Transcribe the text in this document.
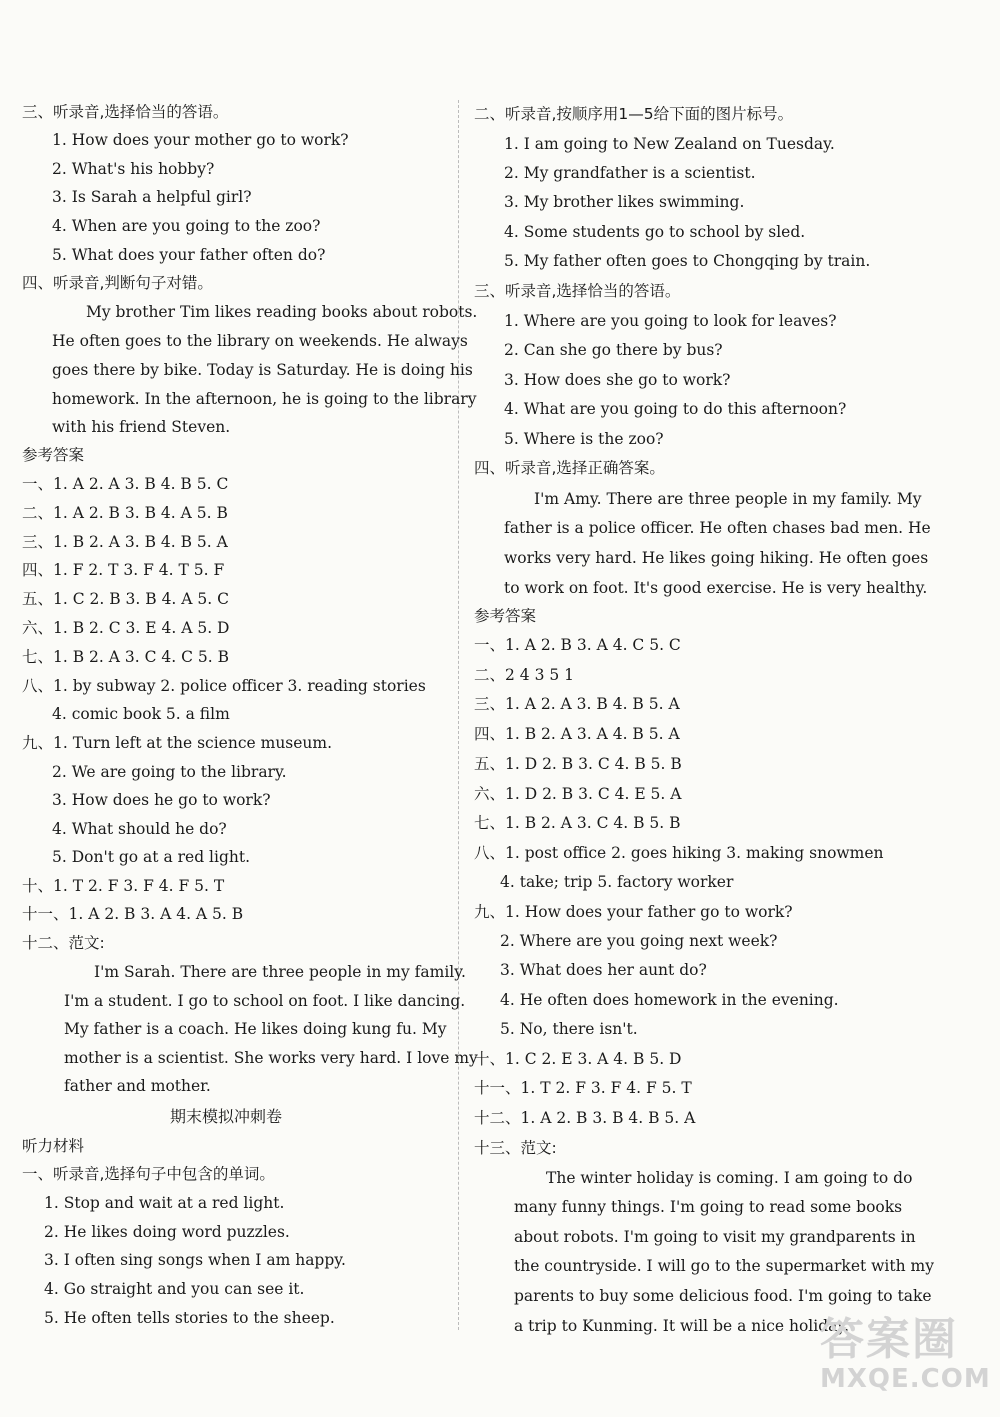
三、听录音,选择恰当的答语。
1. How does your mother go to work?
2. What's his hobby?
3. Is Sarah a helpful girl?
4. When are you going to the zoo?
5. What does your father often do?
四、听录音,判断句子对错。
My brother Tim likes reading books about robots.
He often goes to the library on weekends. He always
goes there by bike. Today is Saturday. He is doing his
homework. In the afternoon, he is going to the library
with his friend Steven.
参考答案
一、1. A 2. A 3. B 4. B 5. C
二、1. A 2. B 3. B 4. A 5. B
三、1. B 2. A 3. B 4. B 5. A
四、1. F 2. T 3. F 4. T 5. F
五、1. C 2. B 3. B 4. A 5. C
六、1. B 2. C 3. E 4. A 5. D
七、1. B 2. A 3. C 4. C 5. B
八、1. by subway 2. police officer 3. reading stories
4. comic book 5. a film
九、1. Turn left at the science museum.
2. We are going to the library.
3. How does he go to work?
4. What should he do?
5. Don't go at a red light.
十、1. T 2. F 3. F 4. F 5. T
十一、1. A 2. B 3. A 4. A 5. B
十二、范文:
I'm Sarah. There are three people in my family.
I'm a student. I go to school on foot. I like dancing.
My father is a coach. He likes doing kung fu. My
mother is a scientist. She works very hard. I love my
father and mother.
期末模拟冲刺卷
听力材料
一、听录音,选择句子中包含的单词。
1. Stop and wait at a red light.
2. He likes doing word puzzles.
3. I often sing songs when I am happy.
4. Go straight and you can see it.
5. He often tells stories to the sheep.
二、听录音,按顺序用1—5给下面的图片标号。
1. I am going to New Zealand on Tuesday.
2. My grandfather is a scientist.
3. My brother likes swimming.
4. Some students go to school by sled.
5. My father often goes to Chongqing by train.
三、听录音,选择恰当的答语。
1. Where are you going to look for leaves?
2. Can she go there by bus?
3. How does she go to work?
4. What are you going to do this afternoon?
5. Where is the zoo?
四、听录音,选择正确答案。
I'm Amy. There are three people in my family. My
father is a police officer. He often chases bad men. He
works very hard. He likes going hiking. He often goes
to work on foot. It's good exercise. He is very healthy.
参考答案
一、1. A 2. B 3. A 4. C 5. C
二、2 4 3 5 1
三、1. A 2. A 3. B 4. B 5. A
四、1. B 2. A 3. A 4. B 5. A
五、1. D 2. B 3. C 4. B 5. B
六、1. D 2. B 3. C 4. E 5. A
七、1. B 2. A 3. C 4. B 5. B
八、1. post office 2. goes hiking 3. making snowmen
4. take; trip 5. factory worker
九、1. How does your father go to work?
2. Where are you going next week?
3. What does her aunt do?
4. He often does homework in the evening.
5. No, there isn't.
十、1. C 2. E 3. A 4. B 5. D
十一、1. T 2. F 3. F 4. F 5. T
十二、1. A 2. B 3. B 4. B 5. A
十三、范文:
The winter holiday is coming. I am going to do
many funny things. I'm going to read some books
about robots. I'm going to visit my grandparents in
the countryside. I will go to the supermarket with my
parents to buy some delicious food. I'm going to take
a trip to Kunming. It will be a nice holiday.
答案圈
MXQE.COM
